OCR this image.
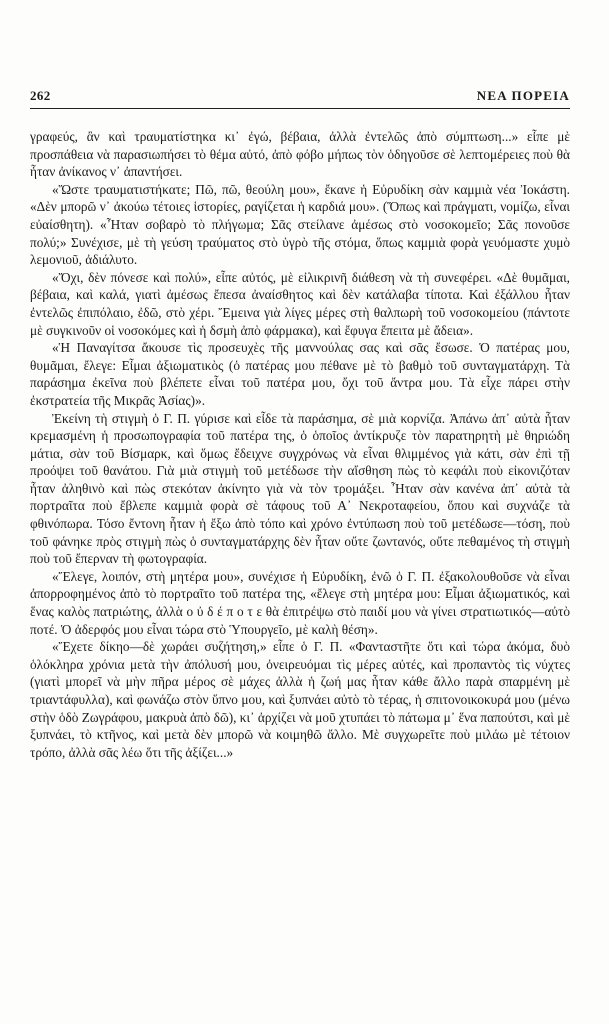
262	ΝΕΑ ΠΟΡΕΙΑ

γραφεύς, ἂν καὶ τραυματίστηκα κι᾽ ἐγώ, βέβαια, ἀλλὰ ἐντελῶς ἀπὸ σύμπτωση...» εἶπε μὲ προσπάθεια νὰ παρασιωπήσει τὸ θέμα αὐτό, ἀπὸ φόβο μήπως τὸν ὁδηγοῦσε σὲ λεπτομέρειες ποὺ θὰ ἦταν ἀνίκανος ν᾽ ἀπαντήσει.

«Ὥστε τραυματιστήκατε; Πῶ, πῶ, θεούλη μου», ἔκανε ἡ Εὐρυδίκη σὰν καμμιὰ νέα Ἰοκάστη. «Δὲν μπορῶ ν᾽ ἀκούω τέτοιες ἱστορίες, ραγίζεται ἡ καρδιά μου». (Ὅπως καὶ πράγματι, νομίζω, εἶναι εὐαίσθητη). «Ἦταν σοβαρὸ τὸ πλήγωμα; Σᾶς στείλανε ἀμέσως στὸ νοσοκομεῖο; Σᾶς πονοῦσε πολύ;» Συνέχισε, μὲ τὴ γεύση τραύματος στὸ ὑγρὸ τῆς στόμα, ὅπως καμμιὰ φορὰ γευόμαστε χυμὸ λεμονιοῦ, ἀδιάλυτο.

«Ὄχι, δὲν πόνεσε καὶ πολύ», εἶπε αὐτός, μὲ εἰλικρινῆ διάθεση νὰ τὴ συνεφέρει. «Δὲ θυμᾶμαι, βέβαια, καὶ καλά, γιατὶ ἀμέσως ἔπεσα ἀναίσθητος καὶ δὲν κατάλαβα τίποτα. Καὶ ἐξάλλου ἦταν ἐντελῶς ἐπιπόλαιο, ἐδῶ, στὸ χέρι. Ἔμεινα γιὰ λίγες μέρες στὴ θαλπωρὴ τοῦ νοσοκομείου (πάντοτε μὲ συγκινοῦν οἱ νοσοκόμες καὶ ἡ δσμὴ ἀπὸ φάρμακα), καὶ ἔφυγα ἔπειτα μὲ ἄδεια».

«Ἡ Παναγίτσα ἄκουσε τὶς προσευχὲς τῆς μαννούλας σας καὶ σᾶς ἔσωσε. Ὁ πατέρας μου, θυμᾶμαι, ἔλεγε: Εἶμαι ἀξιωματικὸς (ὁ πατέρας μου πέθανε μὲ τὸ βαθμὸ τοῦ συνταγματάρχη. Τὰ παράσημα ἐκεῖνα ποὺ βλέπετε εἶναι τοῦ πατέρα μου, ὄχι τοῦ ἄντρα μου. Τὰ εἶχε πάρει στὴν ἐκστρατεία τῆς Μικρᾶς Ἀσίας)».

Ἐκείνη τὴ στιγμὴ ὁ Γ. Π. γύρισε καὶ εἶδε τὰ παράσημα, σὲ μιὰ κορνίζα. Ἀπάνω ἀπ᾽ αὐτὰ ἦταν κρεμασμένη ἡ προσωπογραφία τοῦ πατέρα της, ὁ ὁποῖος ἀντίκρυζε τὸν παρατηρητὴ μὲ θηριώδη μάτια, σὰν τοῦ Βίσμαρκ, καὶ ὅμως ἔδειχνε συγχρόνως νὰ εἶναι θλιμμένος γιὰ κάτι, σὰν ἐπὶ τῇ προόψει τοῦ θανάτου. Γιὰ μιὰ στιγμὴ τοῦ μετέδωσε τὴν αἴσθηση πὼς τὸ κεφάλι ποὺ εἰκονιζόταν ἦταν ἀληθινὸ καὶ πὼς στεκόταν ἀκίνητο γιὰ νὰ τὸν τρομάξει. Ἦταν σὰν κανένα ἀπ᾽ αὐτὰ τὰ πορτραῖτα ποὺ ἔβλεπε καμμιὰ φορὰ σὲ τάφους τοῦ Α᾽ Νεκροταφείου, ὅπου καὶ συχνάζε τὰ φθινόπωρα. Τόσο ἔντονη ἦταν ἡ ἔξω ἀπὸ τόπο καὶ χρόνο ἐντύπωση ποὺ τοῦ μετέδωσε—τόση, ποὺ τοῦ φάνηκε πρὸς στιγμὴ πὼς ὁ συνταγματάρχης δὲν ἦταν οὔτε ζωντανός, οὔτε πεθαμένος τὴ στιγμὴ ποὺ τοῦ ἔπερναν τὴ φωτογραφία.

«Ἔλεγε, λοιπόν, στὴ μητέρα μου», συνέχισε ἡ Εὐρυδίκη, ἐνῶ ὁ Γ. Π. ἐξακολουθοῦσε νὰ εἶναι ἀπορροφημένος ἀπὸ τὸ πορτραῖτο τοῦ πατέρα της, «ἔλεγε στὴ μητέρα μου: Εἶμαι ἀξιωματικός, καὶ ἕνας καλὸς πατριώτης, ἀλλὰ ο ὐ δ έ π ο τ ε θὰ ἐπιτρέψω στὸ παιδί μου νὰ γίνει στρατιωτικός—αὐτὸ ποτέ. Ὁ ἀδερφός μου εἶναι τώρα στὸ Ὑπουργεῖο, μὲ καλὴ θέση».

«Ἔχετε δίκηο—δὲ χωράει συζήτηση,» εἶπε ὁ Γ. Π. «Φανταστῆτε ὅτι καὶ τώρα ἀκόμα, δυὸ ὁλόκληρα χρόνια μετὰ τὴν ἀπόλυσή μου, ὀνειρευόμαι τὶς μέρες αὐτές, καὶ προπαντὸς τὶς νύχτες (γιατὶ μπορεῖ νὰ μὴν πῆρα μέρος σὲ μάχες ἀλλὰ ἡ ζωή μας ἦταν κάθε ἄλλο παρὰ σπαρμένη μὲ τριαντάφυλλα), καὶ φωνάζω στὸν ὕπνο μου, καὶ ξυπνάει αὐτὸ τὸ τέρας, ἡ σπιτονοικοκυρά μου (μένω στὴν ὁδὸ Ζωγράφου, μακρυὰ ἀπὸ δῶ), κι᾽ ἀρχίζει νὰ μοῦ χτυπάει τὸ πάτωμα μ᾽ ἕνα παπούτσι, καὶ μὲ ξυπνάει, τὸ κτῆνος, καὶ μετὰ δὲν μπορῶ νὰ κοιμηθῶ ἄλλο. Μὲ συγχωρεῖτε ποὺ μιλάω μὲ τέτοιον τρόπο, ἀλλὰ σᾶς λέω ὅτι τῆς ἀξίζει...»
